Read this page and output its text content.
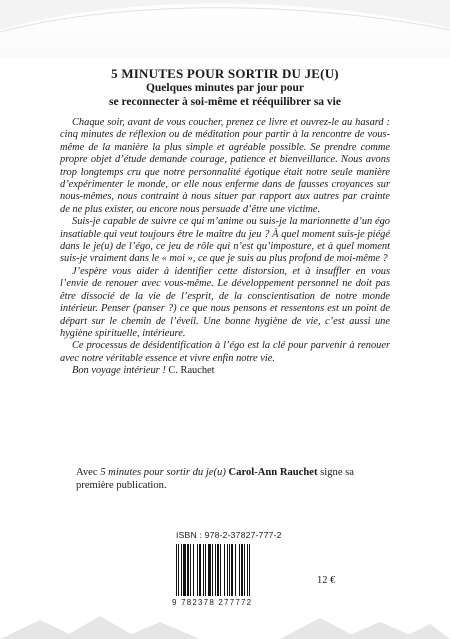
5 MINUTES POUR SORTIR DU JE(U)
Quelques minutes par jour pour
se reconnecter à soi-même et rééquilibrer sa vie

Chaque soir, avant de vous coucher, prenez ce livre et ouvrez-le au hasard : cinq minutes de réflexion ou de méditation pour partir à la rencontre de vous-même de la manière la plus simple et agréable possible. Se prendre comme propre objet d’étude demande courage, patience et bienveillance. Nous avons trop longtemps cru que notre personnalité égotique était notre seule manière d’expérimenter le monde, or elle nous enferme dans de fausses croyances sur nous-mêmes, nous contraint à nous situer par rapport aux autres par crainte de ne plus exister, ou encore nous persuade d’être une victime.

Suis-je capable de suivre ce qui m’anime ou suis-je la marionnette d’un égo insatiable qui veut toujours être le maître du jeu ? À quel moment suis-je piégé dans le je(u) de l’égo, ce jeu de rôle qui n’est qu’imposture, et à quel moment suis-je vraiment dans le « moi », ce que je suis au plus profond de moi-même ?

J’espère vous aider à identifier cette distorsion, et à insuffler en vous l’envie de renouer avec vous-même. Le développement personnel ne doit pas être dissocié de la vie de l’esprit, de la conscientisation de notre monde intérieur. Penser (panser ?) ce que nous pensons et ressentons est un point de départ sur le chemin de l’éveil. Une bonne hygiène de vie, c’est aussi une hygiène spirituelle, intérieure.

Ce processus de désidentification à l’égo est la clé pour parvenir à renouer avec notre véritable essence et vivre enfin notre vie.

Bon voyage intérieur ! C. Rauchet

Avec 5 minutes pour sortir du je(u) Carol-Ann Rauchet signe sa première publication.
ISBN : 978-2-37827-777-2
9 782378 277772
12 €
